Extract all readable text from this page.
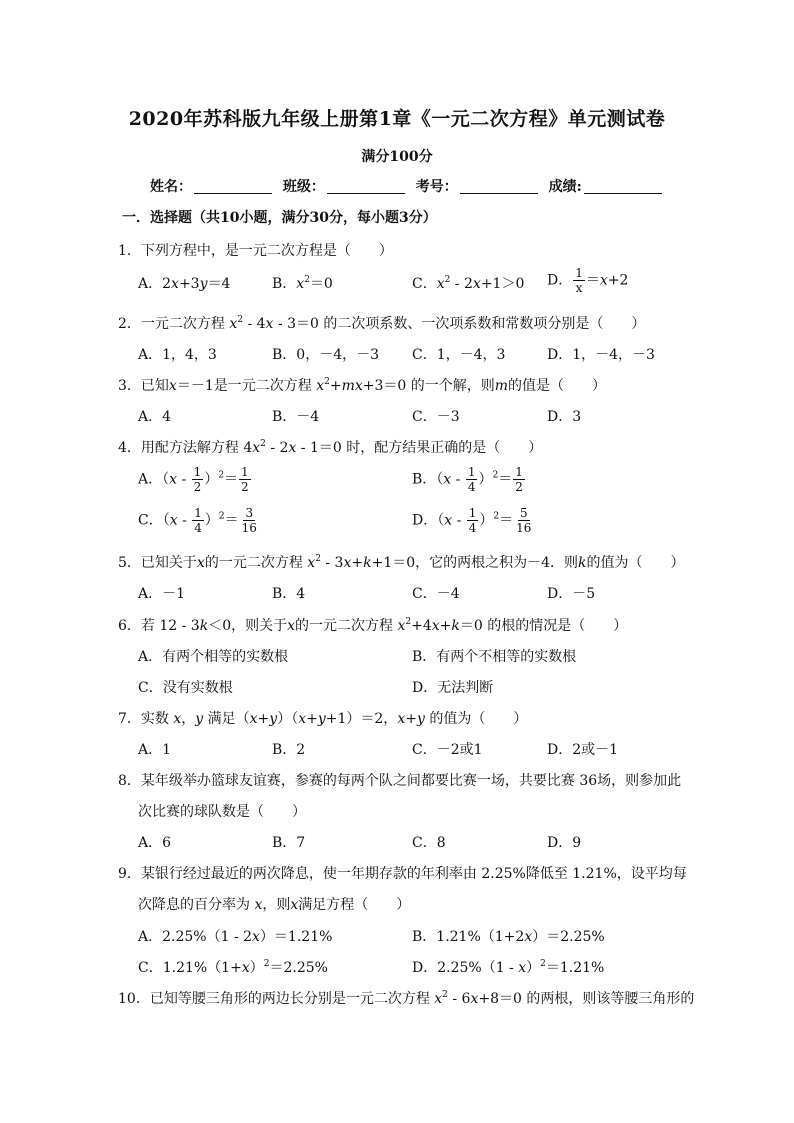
2020年苏科版九年级上册第1章《一元二次方程》单元测试卷
满分100分
姓名：	班级：	考号：	成绩:
一．选择题（共10小题，满分30分，每小题3分）
1．下列方程中，是一元二次方程是（　　）
A．2x+3y＝4	B．$x^2=0$	C．$x^2 - 2x+1>0$ D． $\frac{1}{x} =x+2$
2．一元二次方程 $x^2 - 4x - 3=0$ 的二次项系数、一次项系数和常数项分别是（　　）
A．1，4，3	B．0，－4，－3 C．1，－4，3	D．1，－4，－3
3．已知x＝－1是一元二次方程 $x^2+mx+3=0$ 的一个解，则m的值是（　　）
A．4	B．－4	C．－3	D．3
4．用配方法解方程 $4x^2 - 2x - 1=0$ 时，配方结果正确的是（　　）
A．$(x - \frac{1}{2} )^2= \frac{1}{2}$	B．$(x - \frac{1}{4} )^2= \frac{1}{2}$
C．$(x - \frac{1}{4} )^2= \frac{3}{16}$	D．$(x - \frac{1}{4} )^2= \frac{5}{16}$
5．已知关于x的一元二次方程 $x^2 - 3x+k+1=0$，它的两根之积为－4．则k的值为（　　）
A．－1	B．4	C．－4	D．－5
6．若 12 - 3k＜0，则关于x的一元二次方程 $x^2+4x+k=0$ 的根的情况是（　　）
A．有两个相等的实数根	B．有两个不相等的实数根
C．没有实数根	D．无法判断
7．实数 x，y 满足（x+y）（x+y+1）＝2，x+y 的值为（　　）
A．1	B．2	C．－2或1	D．2或－1
8．某年级举办篮球友谊赛，参赛的每两个队之间都要比赛一场，共要比赛 36场，则参加此
次比赛的球队数是（　　）
A．6	B．7	C．8	D．9
9．某银行经过最近的两次降息，使一年期存款的年利率由 2.25%降低至 1.21%，设平均每
次降息的百分率为 x，则x满足方程（　　）
A．2.25%（1 - 2x）＝1.21%	B．1.21%（1+2x）＝2.25%
C．$1.21\%(1+x)^2=2.25\%$	D．2.25%（1 - x）$^2$＝1.21%
10．已知等腰三角形的两边长分别是一元二次方程 $x^2 - 6x+8=0$ 的两根，则该等腰三角形的
